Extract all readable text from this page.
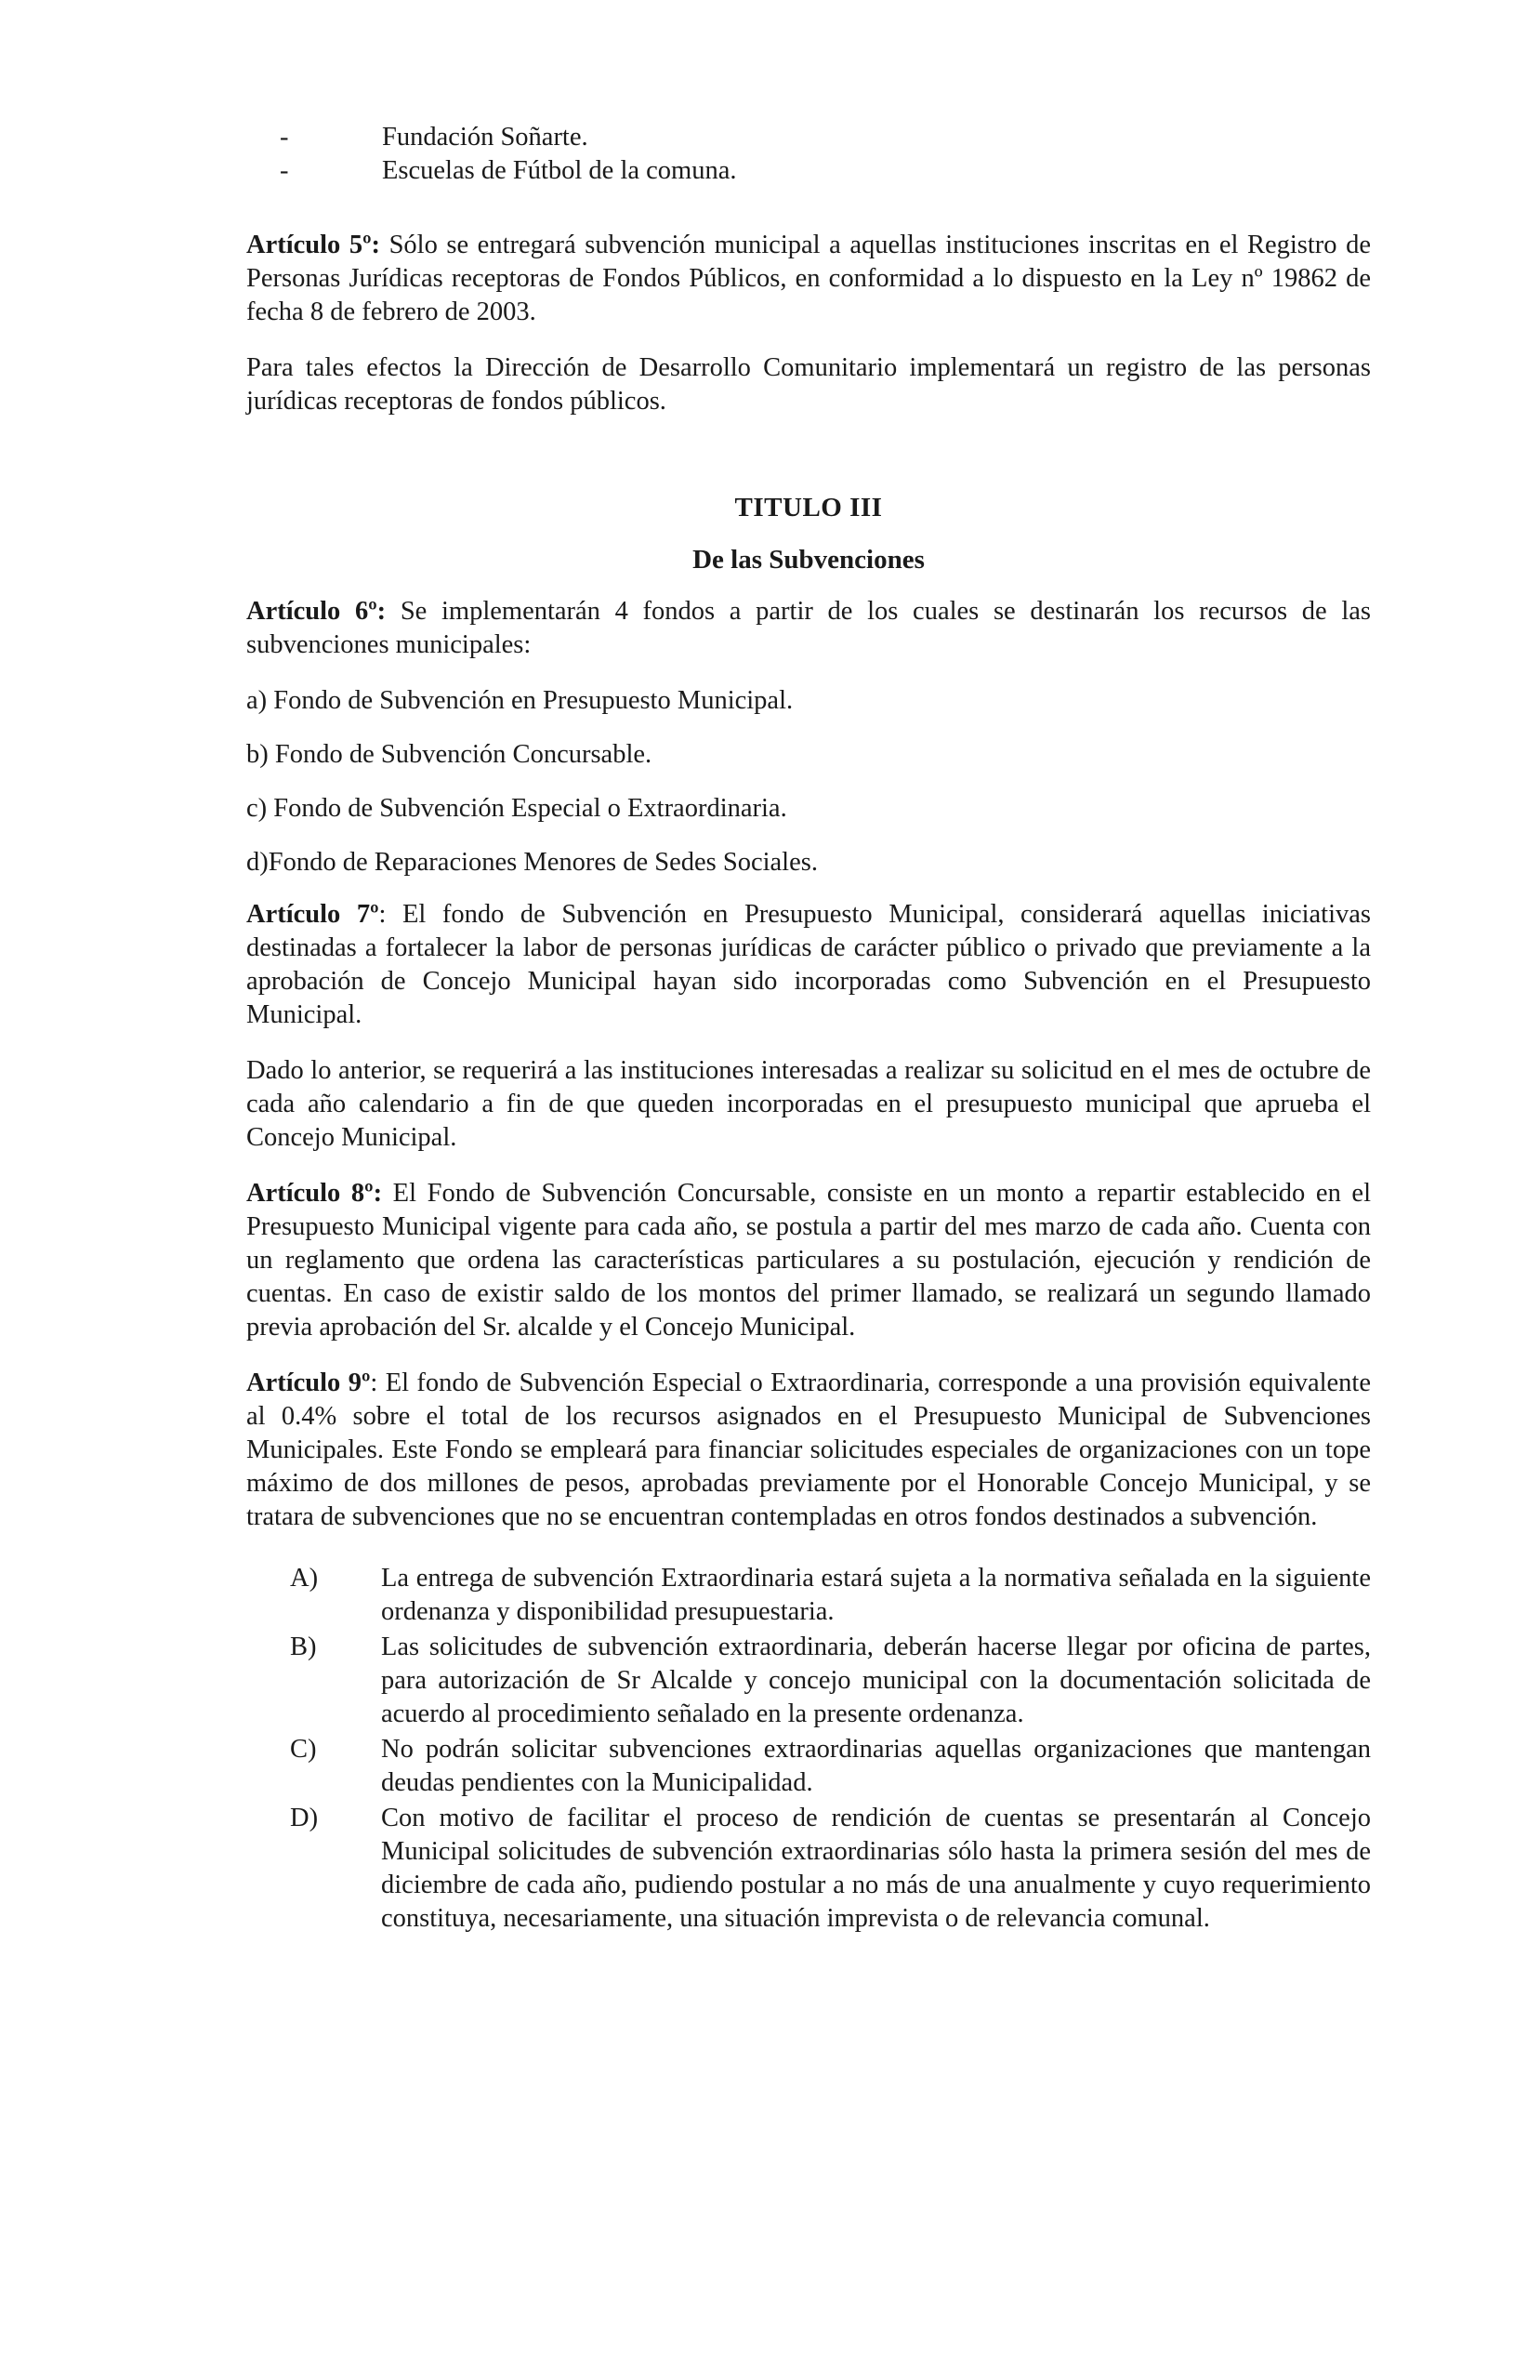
- Fundación Soñarte.
- Escuelas de Fútbol de la comuna.

Artículo 5º: Sólo se entregará subvención municipal a aquellas instituciones inscritas en el Registro de Personas Jurídicas receptoras de Fondos Públicos, en conformidad a lo dispuesto en la Ley nº 19862 de fecha 8 de febrero de 2003.

Para tales efectos la Dirección de Desarrollo Comunitario implementará un registro de las personas jurídicas receptoras de fondos públicos.

TITULO III
De las Subvenciones

Artículo 6º: Se implementarán 4 fondos a partir de los cuales se destinarán los recursos de las subvenciones municipales:

a) Fondo de Subvención en Presupuesto Municipal.

b) Fondo de Subvención Concursable.

c) Fondo de Subvención Especial o Extraordinaria.

d)Fondo de Reparaciones Menores de Sedes Sociales.

Artículo 7º: El fondo de Subvención en Presupuesto Municipal, considerará aquellas iniciativas destinadas a fortalecer la labor de personas jurídicas de carácter público o privado que previamente a la aprobación de Concejo Municipal hayan sido incorporadas como Subvención en el Presupuesto Municipal.

Dado lo anterior, se requerirá a las instituciones interesadas a realizar su solicitud en el mes de octubre de cada año calendario a fin de que queden incorporadas en el presupuesto municipal que aprueba el Concejo Municipal.

Artículo 8º: El Fondo de Subvención Concursable, consiste en un monto a repartir establecido en el Presupuesto Municipal vigente para cada año, se postula a partir del mes marzo de cada año. Cuenta con un reglamento que ordena las características particulares a su postulación, ejecución y rendición de cuentas. En caso de existir saldo de los montos del primer llamado, se realizará un segundo llamado previa aprobación del Sr. alcalde y el Concejo Municipal.

Artículo 9º: El fondo de Subvención Especial o Extraordinaria, corresponde a una provisión equivalente al 0.4% sobre el total de los recursos asignados en el Presupuesto Municipal de Subvenciones Municipales. Este Fondo se empleará para financiar solicitudes especiales de organizaciones con un tope máximo de dos millones de pesos, aprobadas previamente por el Honorable Concejo Municipal, y se tratara de subvenciones que no se encuentran contempladas en otros fondos destinados a subvención.

A) La entrega de subvención Extraordinaria estará sujeta a la normativa señalada en la siguiente ordenanza y disponibilidad presupuestaria.
B) Las solicitudes de subvención extraordinaria, deberán hacerse llegar por oficina de partes, para autorización de Sr Alcalde y concejo municipal con la documentación solicitada de acuerdo al procedimiento señalado en la presente ordenanza.
C) No podrán solicitar subvenciones extraordinarias aquellas organizaciones que mantengan deudas pendientes con la Municipalidad.
D) Con motivo de facilitar el proceso de rendición de cuentas se presentarán al Concejo Municipal solicitudes de subvención extraordinarias sólo hasta la primera sesión del mes de diciembre de cada año, pudiendo postular a no más de una anualmente y cuyo requerimiento constituya, necesariamente, una situación imprevista o de relevancia comunal.
